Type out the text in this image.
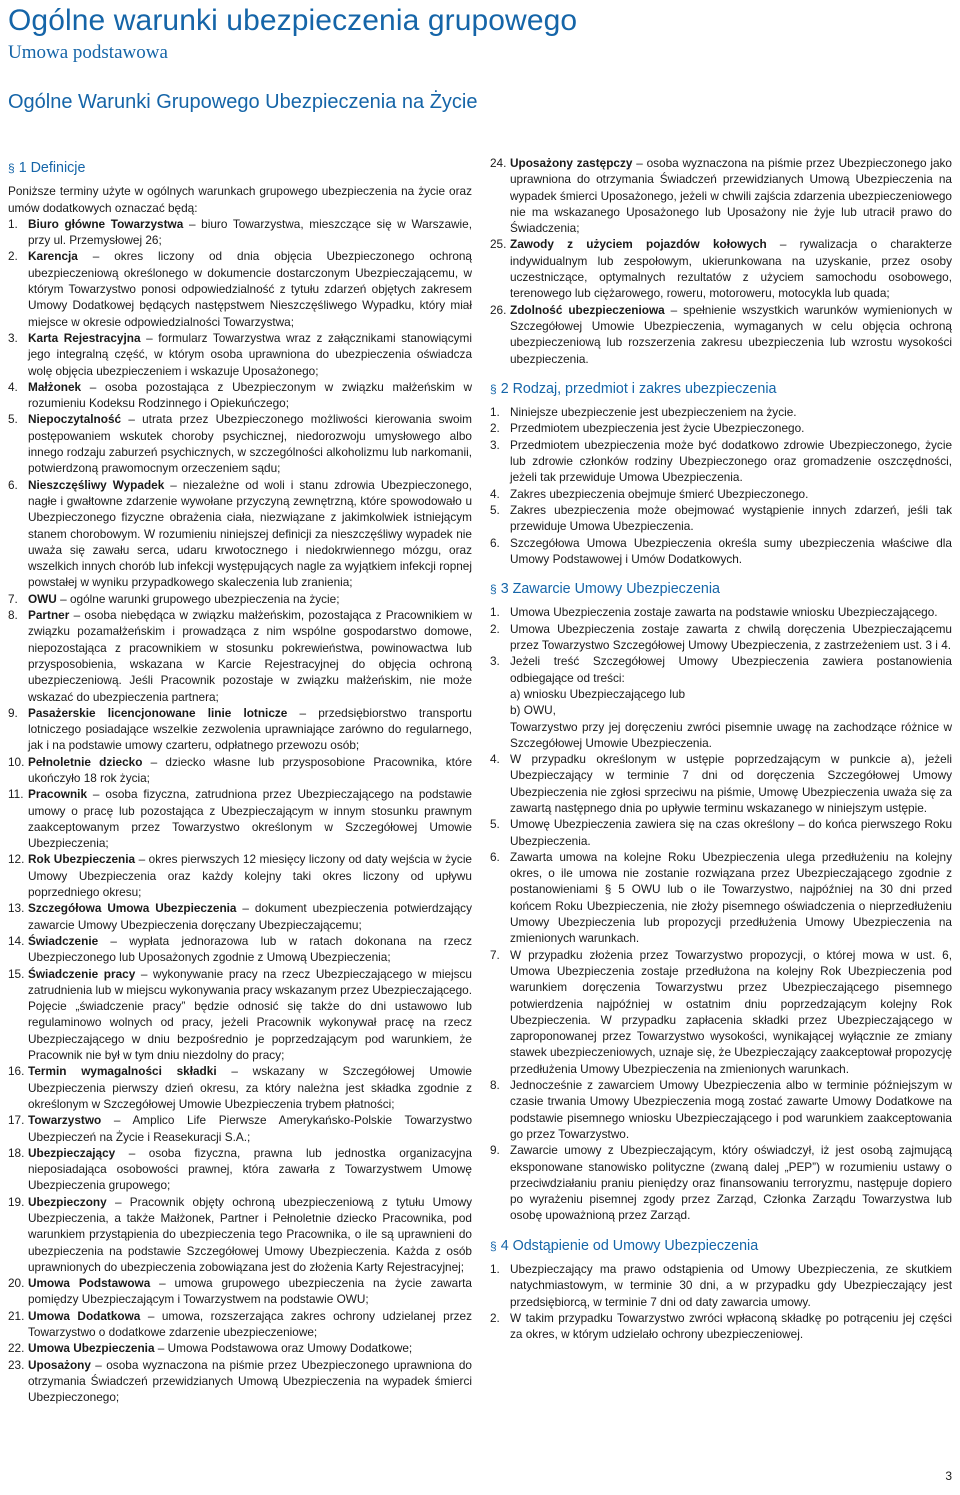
Ogólne warunki ubezpieczenia grupowego
Umowa podstawowa
Ogólne Warunki Grupowego Ubezpieczenia na Życie
§ 1 Definicje

Poniższe terminy użyte w ogólnych warunkach grupowego ubezpieczenia na życie oraz umów dodatkowych oznaczać będą:

1. Biuro główne Towarzystwa – biuro Towarzystwa, mieszczące się w Warszawie, przy ul. Przemysłowej 26;
2. Karencja – okres liczony od dnia objęcia Ubezpieczonego ochroną ubezpieczeniową określonego w dokumencie dostarczonym Ubezpieczającemu, w którym Towarzystwo ponosi odpowiedzialność z tytułu zdarzeń objętych zakresem Umowy Dodatkowej będących następstwem Nieszczęśliwego Wypadku, który miał miejsce w okresie odpowiedzialności Towarzystwa;
3. Karta Rejestracyjna – formularz Towarzystwa wraz z załącznikami stanowiącymi jego integralną część, w którym osoba uprawniona do ubezpieczenia oświadcza wolę objęcia ubezpieczeniem i wskazuje Uposażonego;
4. Małżonek – osoba pozostająca z Ubezpieczonym w związku małżeńskim w rozumieniu Kodeksu Rodzinnego i Opiekuńczego;
5. Niepoczytalność – utrata przez Ubezpieczonego możliwości kierowania swoim postępowaniem wskutek choroby psychicznej, niedorozwoju umysłowego albo innego rodzaju zaburzeń psychicznych, w szczególności alkoholizmu lub narkomanii, potwierdzoną prawomocnym orzeczeniem sądu;
6. Nieszczęśliwy Wypadek – niezależne od woli i stanu zdrowia Ubezpieczonego, nagłe i gwałtowne zdarzenie wywołane przyczyną zewnętrzną, które spowodowało u Ubezpieczonego fizyczne obrażenia ciała, niezwiązane z jakimkolwiek istniejącym stanem chorobowym. W rozumieniu niniejszej definicji za nieszczęśliwy wypadek nie uważa się zawału serca, udaru krwotocznego i niedokrwiennego mózgu, oraz wszelkich innych chorób lub infekcji występujących nagle za wyjątkiem infekcji ropnej powstałej w wyniku przypadkowego skaleczenia lub zranienia;
7. OWU – ogólne warunki grupowego ubezpieczenia na życie;
8. Partner – osoba niebędąca w związku małżeńskim, pozostająca z Pracownikiem w związku pozamałżeńskim i prowadząca z nim wspólne gospodarstwo domowe, niepozostająca z pracownikiem w stosunku pokrewieństwa, powinowactwa lub przysposobienia, wskazana w Karcie Rejestracyjnej do objęcia ochroną ubezpieczeniową. Jeśli Pracownik pozostaje w związku małżeńskim, nie może wskazać do ubezpieczenia partnera;
9. Pasażerskie licencjonowane linie lotnicze – przedsiębiorstwo transportu lotniczego posiadające wszelkie zezwolenia uprawniające zarówno do regularnego, jak i na podstawie umowy czarteru, odpłatnego przewozu osób;
10. Pełnoletnie dziecko – dziecko własne lub przysposobione Pracownika, które ukończyło 18 rok życia;
11. Pracownik – osoba fizyczna, zatrudniona przez Ubezpieczającego na podstawie umowy o pracę lub pozostająca z Ubezpieczającym w innym stosunku prawnym zaakceptowanym przez Towarzystwo określonym w Szczegółowej Umowie Ubezpieczenia;
12. Rok Ubezpieczenia – okres pierwszych 12 miesięcy liczony od daty wejścia w życie Umowy Ubezpieczenia oraz każdy kolejny taki okres liczony od upływu poprzedniego okresu;
13. Szczegółowa Umowa Ubezpieczenia – dokument ubezpieczenia potwierdzający zawarcie Umowy Ubezpieczenia doręczany Ubezpieczającemu;
14. Świadczenie – wypłata jednorazowa lub w ratach dokonana na rzecz Ubezpieczonego lub Uposażonych zgodnie z Umową Ubezpieczenia;
15. Świadczenie pracy – wykonywanie pracy na rzecz Ubezpieczającego w miejscu zatrudnienia lub w miejscu wykonywania pracy wskazanym przez Ubezpieczającego. Pojęcie „świadczenie pracy” będzie odnosić się także do dni ustawowo lub regulaminowo wolnych od pracy, jeżeli Pracownik wykonywał pracę na rzecz Ubezpieczającego w dniu bezpośrednio je poprzedzającym pod warunkiem, że Pracownik nie był w tym dniu niezdolny do pracy;
16. Termin wymagalności składki – wskazany w Szczegółowej Umowie Ubezpieczenia pierwszy dzień okresu, za który należna jest składka zgodnie z określonym w Szczegółowej Umowie Ubezpieczenia trybem płatności;
17. Towarzystwo – Amplico Life Pierwsze Amerykańsko-Polskie Towarzystwo Ubezpieczeń na Życie i Reasekuracji S.A.;
18. Ubezpieczający – osoba fizyczna, prawna lub jednostka organizacyjna nieposiadająca osobowości prawnej, która zawarła z Towarzystwem Umowę Ubezpieczenia grupowego;
19. Ubezpieczony – Pracownik objęty ochroną ubezpieczeniową z tytułu Umowy Ubezpieczenia, a także Małżonek, Partner i Pełnoletnie dziecko Pracownika, pod warunkiem przystąpienia do ubezpieczenia tego Pracownika, o ile są uprawnieni do ubezpieczenia na podstawie Szczegółowej Umowy Ubezpieczenia. Każda z osób uprawnionych do ubezpieczenia zobowiązana jest do złożenia Karty Rejestracyjnej;
20. Umowa Podstawowa – umowa grupowego ubezpieczenia na życie zawarta pomiędzy Ubezpieczającym i Towarzystwem na podstawie OWU;
21. Umowa Dodatkowa – umowa, rozszerzająca zakres ochrony udzielanej przez Towarzystwo o dodatkowe zdarzenie ubezpieczeniowe;
22. Umowa Ubezpieczenia – Umowa Podstawowa oraz Umowy Dodatkowe;
23. Uposażony – osoba wyznaczona na piśmie przez Ubezpieczonego uprawniona do otrzymania Świadczeń przewidzianych Umową Ubezpieczenia na wypadek śmierci Ubezpieczonego;
24. Uposażony zastępczy – osoba wyznaczona na piśmie przez Ubezpieczonego jako uprawniona do otrzymania Świadczeń przewidzianych Umową Ubezpieczenia na wypadek śmierci Uposażonego, jeżeli w chwili zajścia zdarzenia ubezpieczeniowego nie ma wskazanego Uposażonego lub Uposażony nie żyje lub utracił prawo do Świadczenia;
25. Zawody z użyciem pojazdów kołowych – rywalizacja o charakterze indywidualnym lub zespołowym, ukierunkowana na uzyskanie, przez osoby uczestniczące, optymalnych rezultatów z użyciem samochodu osobowego, terenowego lub ciężarowego, roweru, motoroweru, motocykla lub quada;
26. Zdolność ubezpieczeniowa – spełnienie wszystkich warunków wymienionych w Szczegółowej Umowie Ubezpieczenia, wymaganych w celu objęcia ochroną ubezpieczeniową lub rozszerzenia zakresu ubezpieczenia lub wzrostu wysokości ubezpieczenia.
§ 2 Rodzaj, przedmiot i zakres ubezpieczenia
1. Niniejsze ubezpieczenie jest ubezpieczeniem na życie.
2. Przedmiotem ubezpieczenia jest życie Ubezpieczonego.
3. Przedmiotem ubezpieczenia może być dodatkowo zdrowie Ubezpieczonego, życie lub zdrowie członków rodziny Ubezpieczonego oraz gromadzenie oszczędności, jeżeli tak przewiduje Umowa Ubezpieczenia.
4. Zakres ubezpieczenia obejmuje śmierć Ubezpieczonego.
5. Zakres ubezpieczenia może obejmować wystąpienie innych zdarzeń, jeśli tak przewiduje Umowa Ubezpieczenia.
6. Szczegółowa Umowa Ubezpieczenia określa sumy ubezpieczenia właściwe dla Umowy Podstawowej i Umów Dodatkowych.
§ 3 Zawarcie Umowy Ubezpieczenia
1. Umowa Ubezpieczenia zostaje zawarta na podstawie wniosku Ubezpieczającego.
2. Umowa Ubezpieczenia zostaje zawarta z chwilą doręczenia Ubezpieczającemu przez Towarzystwo Szczegółowej Umowy Ubezpieczenia, z zastrzeżeniem ust. 3 i 4.
3. Jeżeli treść Szczegółowej Umowy Ubezpieczenia zawiera postanowienia odbiegające od treści:
a) wniosku Ubezpieczającego lub
b) OWU,
Towarzystwo przy jej doręczeniu zwróci pisemnie uwagę na zachodzące różnice w Szczegółowej Umowie Ubezpieczenia.
4. W przypadku określonym w ustępie poprzedzającym w punkcie a), jeżeli Ubezpieczający w terminie 7 dni od doręczenia Szczegółowej Umowy Ubezpieczenia nie zgłosi sprzeciwu na piśmie, Umowę Ubezpieczenia uważa się za zawartą następnego dnia po upływie terminu wskazanego w niniejszym ustępie.
5. Umowę Ubezpieczenia zawiera się na czas określony – do końca pierwszego Roku Ubezpieczenia.
6. Zawarta umowa na kolejne Roku Ubezpieczenia ulega przedłużeniu na kolejny okres, o ile umowa nie zostanie rozwiązana przez Ubezpieczającego zgodnie z postanowieniami § 5 OWU lub o ile Towarzystwo, najpóźniej na 30 dni przed końcem Roku Ubezpieczenia, nie złoży pisemnego oświadczenia o nieprzedłużeniu Umowy Ubezpieczenia lub propozycji przedłużenia Umowy Ubezpieczenia na zmienionych warunkach.
7. W przypadku złożenia przez Towarzystwo propozycji, o której mowa w ust. 6, Umowa Ubezpieczenia zostaje przedłużona na kolejny Rok Ubezpieczenia pod warunkiem doręczenia Towarzystwu przez Ubezpieczającego pisemnego potwierdzenia najpóźniej w ostatnim dniu poprzedzającym kolejny Rok Ubezpieczenia. W przypadku zapłacenia składki przez Ubezpieczającego w zaproponowanej przez Towarzystwo wysokości, wynikającej wyłącznie ze zmiany stawek ubezpieczeniowych, uznaje się, że Ubezpieczający zaakceptował propozycję przedłużenia Umowy Ubezpieczenia na zmienionych warunkach.
8. Jednocześnie z zawarciem Umowy Ubezpieczenia albo w terminie późniejszym w czasie trwania Umowy Ubezpieczenia mogą zostać zawarte Umowy Dodatkowe na podstawie pisemnego wniosku Ubezpieczającego i pod warunkiem zaakceptowania go przez Towarzystwo.
9. Zawarcie umowy z Ubezpieczającym, który oświadczył, iż jest osobą zajmującą eksponowane stanowisko polityczne (zwaną dalej „PEP”) w rozumieniu ustawy o przeciwdziałaniu praniu pieniędzy oraz finansowaniu terroryzmu, następuje dopiero po wyrażeniu pisemnej zgody przez Zarząd, Członka Zarządu Towarzystwa lub osobę upoważnioną przez Zarząd.
§ 4 Odstąpienie od Umowy Ubezpieczenia
1. Ubezpieczający ma prawo odstąpienia od Umowy Ubezpieczenia, ze skutkiem natychmiastowym, w terminie 30 dni, a w przypadku gdy Ubezpieczający jest przedsiębiorcą, w terminie 7 dni od daty zawarcia umowy.
2. W takim przypadku Towarzystwo zwróci wpłaconą składkę po potrąceniu jej części za okres, w którym udzielało ochrony ubezpieczeniowej.
3
